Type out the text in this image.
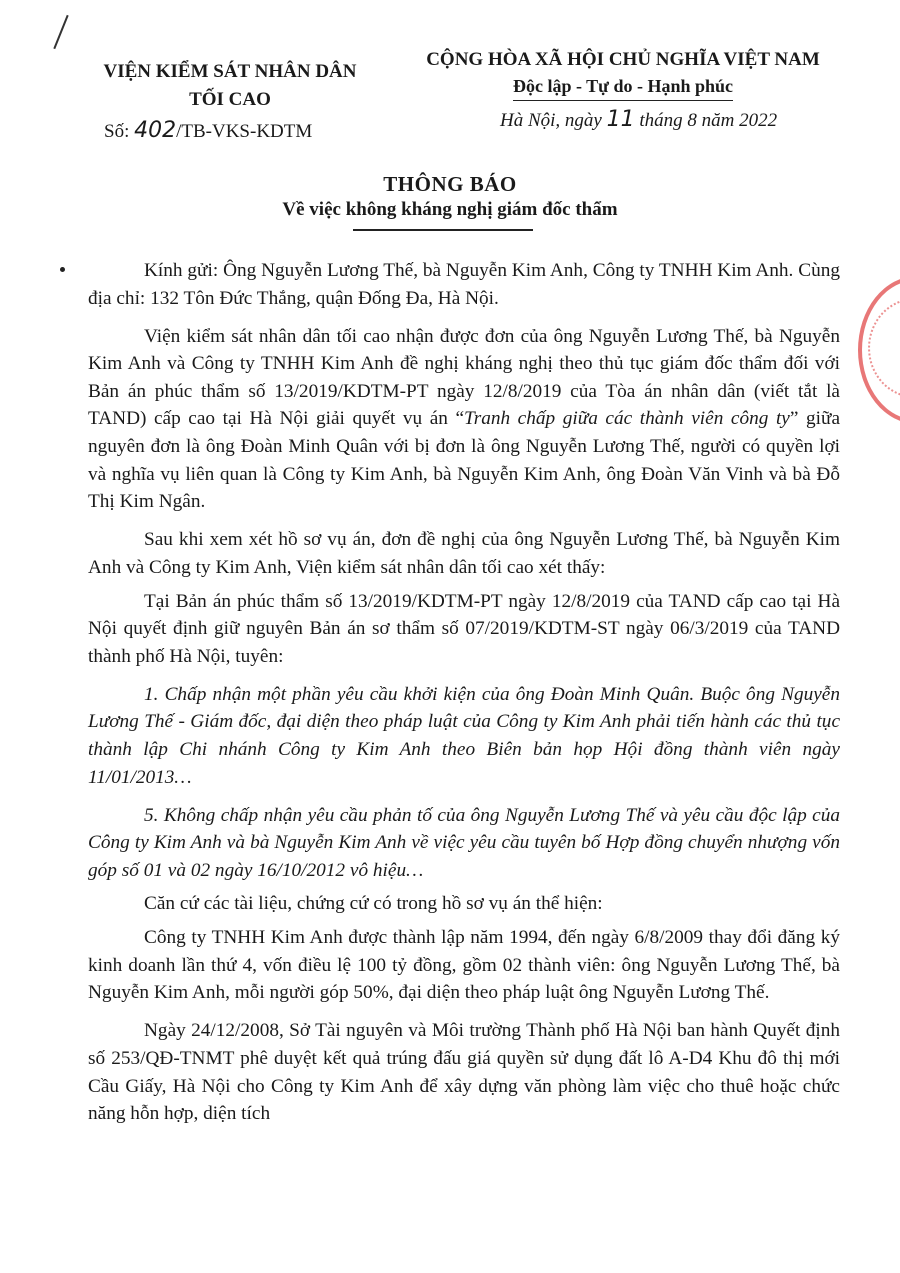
VIỆN KIỂM SÁT NHÂN DÂN
TỐI CAO
Số: 402/TB-VKS-KDTM
CỘNG HÒA XÃ HỘI CHỦ NGHĨA VIỆT NAM
Độc lập - Tự do - Hạnh phúc
Hà Nội, ngày 11 tháng 8 năm 2022
THÔNG BÁO
Về việc không kháng nghị giám đốc thẩm

Kính gửi: Ông Nguyễn Lương Thế, bà Nguyễn Kim Anh, Công ty TNHH Kim Anh. Cùng địa chỉ: 132 Tôn Đức Thắng, quận Đống Đa, Hà Nội.

Viện kiểm sát nhân dân tối cao nhận được đơn của ông Nguyễn Lương Thế, bà Nguyễn Kim Anh và Công ty TNHH Kim Anh đề nghị kháng nghị theo thủ tục giám đốc thẩm đối với Bản án phúc thẩm số 13/2019/KDTM-PT ngày 12/8/2019 của Tòa án nhân dân (viết tắt là TAND) cấp cao tại Hà Nội giải quyết vụ án “Tranh chấp giữa các thành viên công ty” giữa nguyên đơn là ông Đoàn Minh Quân với bị đơn là ông Nguyễn Lương Thế, người có quyền lợi và nghĩa vụ liên quan là Công ty Kim Anh, bà Nguyễn Kim Anh, ông Đoàn Văn Vinh và bà Đỗ Thị Kim Ngân.

Sau khi xem xét hồ sơ vụ án, đơn đề nghị của ông Nguyễn Lương Thế, bà Nguyễn Kim Anh và Công ty Kim Anh, Viện kiểm sát nhân dân tối cao xét thấy:

Tại Bản án phúc thẩm số 13/2019/KDTM-PT ngày 12/8/2019 của TAND cấp cao tại Hà Nội quyết định giữ nguyên Bản án sơ thẩm số 07/2019/KDTM-ST ngày 06/3/2019 của TAND thành phố Hà Nội, tuyên:

1. Chấp nhận một phần yêu cầu khởi kiện của ông Đoàn Minh Quân. Buộc ông Nguyễn Lương Thế - Giám đốc, đại diện theo pháp luật của Công ty Kim Anh phải tiến hành các thủ tục thành lập Chi nhánh Công ty Kim Anh theo Biên bản họp Hội đồng thành viên ngày 11/01/2013…

5. Không chấp nhận yêu cầu phản tố của ông Nguyễn Lương Thế và yêu cầu độc lập của Công ty Kim Anh và bà Nguyễn Kim Anh về việc yêu cầu tuyên bố Hợp đồng chuyển nhượng vốn góp số 01 và 02 ngày 16/10/2012 vô hiệu…

Căn cứ các tài liệu, chứng cứ có trong hồ sơ vụ án thể hiện:

Công ty TNHH Kim Anh được thành lập năm 1994, đến ngày 6/8/2009 thay đổi đăng ký kinh doanh lần thứ 4, vốn điều lệ 100 tỷ đồng, gồm 02 thành viên: ông Nguyễn Lương Thế, bà Nguyễn Kim Anh, mỗi người góp 50%, đại diện theo pháp luật ông Nguyễn Lương Thế.

Ngày 24/12/2008, Sở Tài nguyên và Môi trường Thành phố Hà Nội ban hành Quyết định số 253/QĐ-TNMT phê duyệt kết quả trúng đấu giá quyền sử dụng đất lô A-D4 Khu đô thị mới Cầu Giấy, Hà Nội cho Công ty Kim Anh để xây dựng văn phòng làm việc cho thuê hoặc chức năng hỗn hợp, diện tích
